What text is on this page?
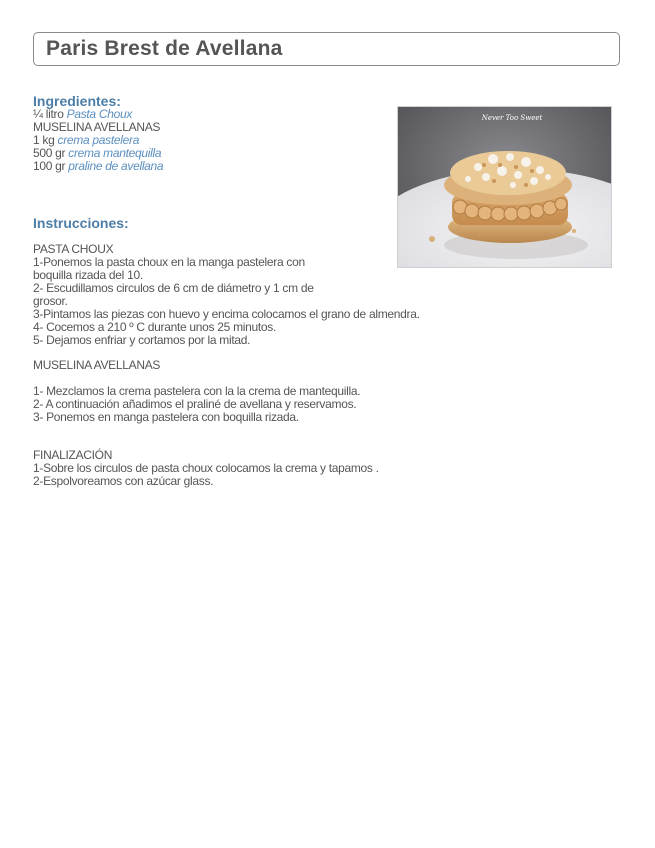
Paris Brest de Avellana
Ingredientes:
¼ litro Pasta Choux
MUSELINA AVELLANAS
1 kg crema pastelera
500 gr crema mantequilla
100 gr praline de avellana
Never Too Sweet
Instrucciones:
PASTA CHOUX
1-Ponemos la pasta choux en la manga pastelera con
boquilla rizada del 10.
2- Escudillamos circulos de 6 cm de diámetro y 1 cm de
grosor.
3-Pintamos las piezas con huevo y encima colocamos el grano de almendra.
4- Cocemos a 210 º C durante unos 25 minutos.
5- Dejamos enfriar y cortamos por la mitad.
MUSELINA AVELLANAS
1- Mezclamos la crema pastelera con la la crema de mantequilla.
2- A continuación añadimos el praliné de avellana y reservamos.
3- Ponemos en manga pastelera con boquilla rizada.
FINALIZACIÓN
1-Sobre los circulos de pasta choux colocamos la crema y tapamos .
2-Espolvoreamos con azúcar glass.
